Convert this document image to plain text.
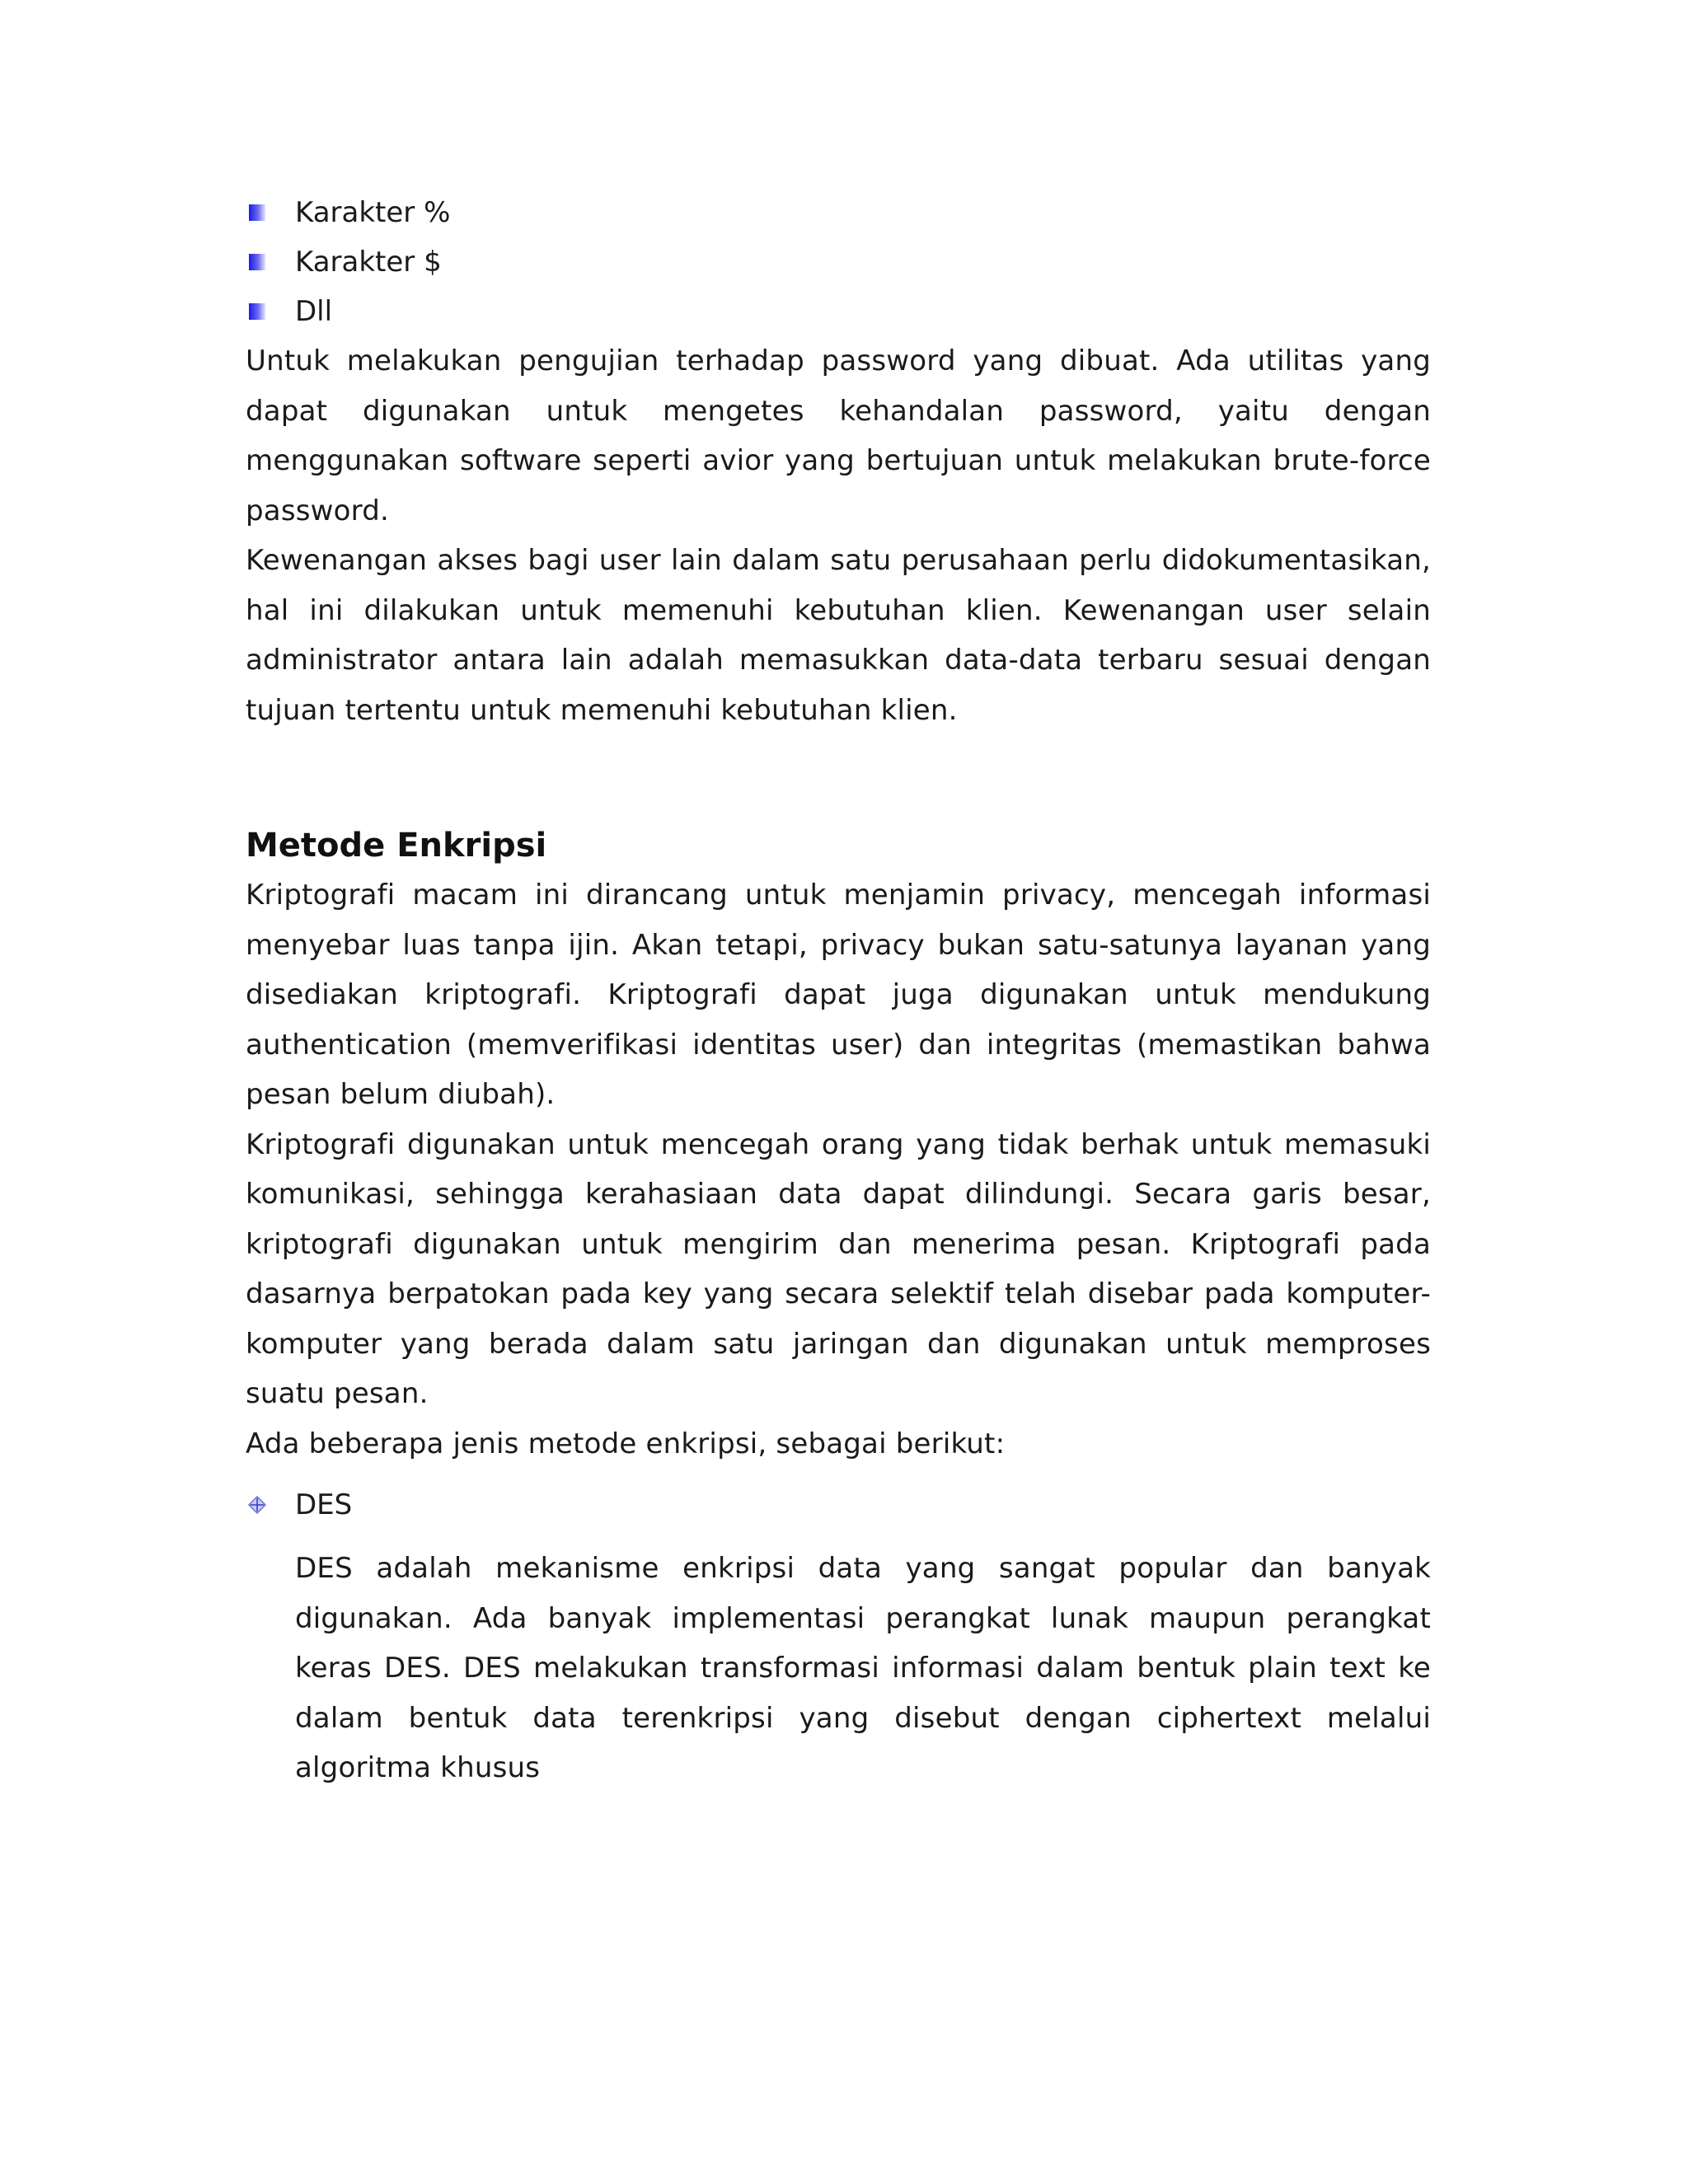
Karakter %
Karakter $
Dll

Untuk melakukan pengujian terhadap password yang dibuat. Ada utilitas yang dapat digunakan untuk mengetes kehandalan password, yaitu dengan menggunakan software seperti avior yang bertujuan untuk melakukan brute-force password.

Kewenangan akses bagi user lain dalam satu perusahaan perlu didokumentasikan, hal ini dilakukan untuk memenuhi kebutuhan klien. Kewenangan user selain administrator antara lain adalah memasukkan data-data terbaru sesuai dengan tujuan tertentu untuk memenuhi kebutuhan klien.

Metode Enkripsi

Kriptografi macam ini dirancang untuk menjamin privacy, mencegah informasi menyebar luas tanpa ijin. Akan tetapi, privacy bukan satu-satunya layanan yang disediakan kriptografi. Kriptografi dapat juga digunakan untuk mendukung authentication (memverifikasi identitas user) dan integritas (memastikan bahwa pesan belum diubah).

Kriptografi digunakan untuk mencegah orang yang tidak berhak untuk memasuki komunikasi, sehingga kerahasiaan data dapat dilindungi. Secara garis besar, kriptografi digunakan untuk mengirim dan menerima pesan. Kriptografi pada dasarnya berpatokan pada key yang secara selektif telah disebar pada komputer-komputer yang berada dalam satu jaringan dan digunakan untuk memproses suatu pesan.

Ada beberapa jenis metode enkripsi, sebagai berikut:

DES

DES adalah mekanisme enkripsi data yang sangat popular dan banyak digunakan. Ada banyak implementasi perangkat lunak maupun perangkat keras DES. DES melakukan transformasi informasi dalam bentuk plain text ke dalam bentuk data terenkripsi yang disebut dengan ciphertext melalui algoritma khusus
